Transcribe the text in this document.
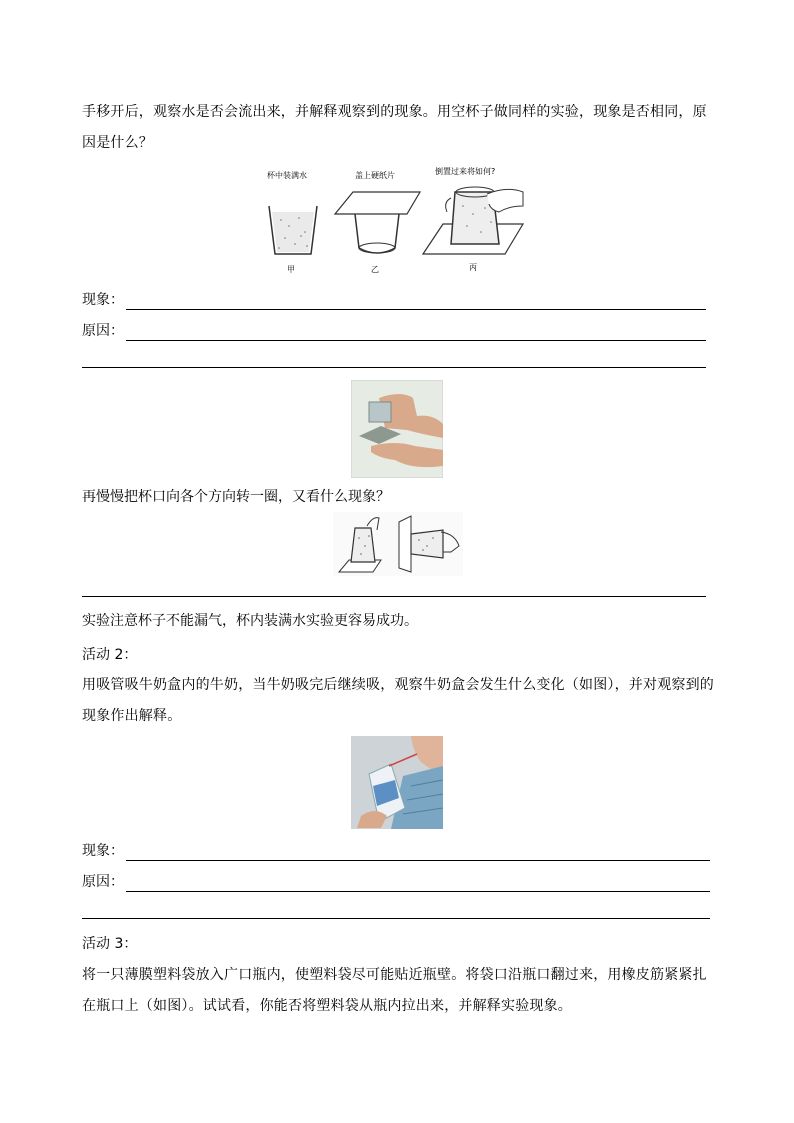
手移开后，观察水是否会流出来，并解释观察到的现象。用空杯子做同样的实验，现象是否相同，原因是什么？
杯中装满水	盖上硬纸片	倒置过来将如何?
甲	乙	丙
现象：
原因：
再慢慢把杯口向各个方向转一圈，又看什么现象？
实验注意杯子不能漏气，杯内装满水实验更容易成功。
活动 2：
用吸管吸牛奶盒内的牛奶，当牛奶吸完后继续吸，观察牛奶盒会发生什么变化（如图），并对观察到的现象作出解释。
现象：
原因：
活动 3：
将一只薄膜塑料袋放入广口瓶内，使塑料袋尽可能贴近瓶壁。将袋口沿瓶口翻过来，用橡皮筋紧紧扎在瓶口上（如图）。试试看，你能否将塑料袋从瓶内拉出来，并解释实验现象。
